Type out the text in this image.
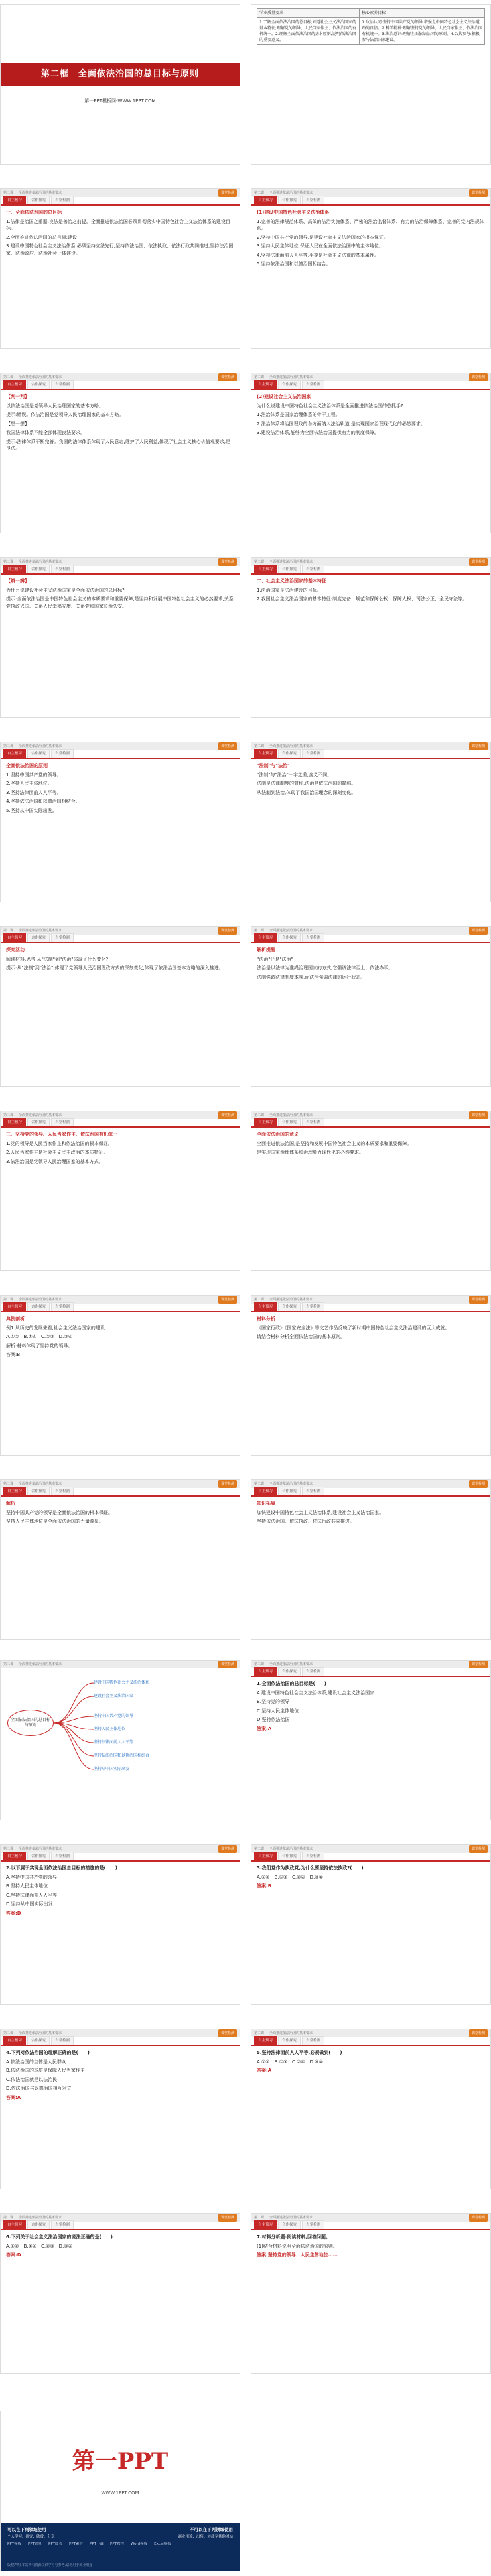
第二框　全面依法治国的总目标与原则
第一PPT模板网-WWW.1PPT.COM
学业质量要求	核心素养目标
1.了解全面依法治国的总目标;知道社会主义法治国家的基本特征;理解党的领导、人民当家作主、依法治国的有机统一。2.理解全面依法治国的基本原则,说明依法治国的重要意义。	1.政治认同:坚持中国共产党的领导,增强走中国特色社会主义法治道路的自信。2.科学精神:理解坚持党的领导、人民当家作主、依法治国有机统一。3.法治意识:理解全面依法治国的原则。4.公共参与:积极参与法治国家建设。
第二课 全面推进依法治国的基本要求	课堂检测
自主预习	合作探究	当堂检测

一、全面依法治国的总目标

1.法律是治国之重器,良法是善治之前提。全面推进依法治国必须贯彻落实中国特色社会主义法治体系的建设目标。

2.全面推进依法治国的总目标:建设

3.建设中国特色社会主义法治体系,必须坚持立法先行,坚持依法治国、依法执政、依法行政共同推进,坚持法治国家、法治政府、法治社会一体建设。

第二课 全面推进依法治国的基本要求	课堂检测
自主预习	合作探究	当堂检测

(1)建设中国特色社会主义法治体系

1.完善的法律规范体系、高效的法治实施体系、严密的法治监督体系、有力的法治保障体系、完善的党内法规体系。

2.坚持中国共产党的领导,是建设社会主义法治国家的根本保证。

3.坚持人民主体地位,保证人民在全面依法治国中的主体地位。

4.坚持法律面前人人平等,平等是社会主义法律的基本属性。

5.坚持依法治国和以德治国相结合。

第二课 全面推进依法治国的基本要求	课堂检测
自主预习	合作探究	当堂检测

【判一判】

以依法治国是党领导人民治理国家的基本方略。

提示:错误。依法治国是党领导人民治理国家的基本方略。

【想一想】

我国法律体系不能全部体现良法要求。

提示:法律体系不断完善。我国的法律体系体现了人民意志,维护了人民利益,体现了社会主义核心价值观要求,是良法。

第二课 全面推进依法治国的基本要求	课堂检测
自主预习	合作探究	当堂检测

(2)建设社会主义法治国家

为什么说建设中国特色社会主义法治体系是全面推进依法治国的总抓手?

1.法治体系是国家治理体系的骨干工程。

2.法治体系将治国理政的各方面纳入法治轨道,是实现国家治理现代化的必然要求。

3.建设法治体系,能够为全面依法治国提供有力的制度保障。

第二课 全面推进依法治国的基本要求	课堂检测
自主预习	合作探究	当堂检测

【辨一辨】

为什么说建设社会主义法治国家是全面依法治国的总目标?

提示:全面依法治国是中国特色社会主义的本质要求和重要保障,是坚持和发展中国特色社会主义的必然要求,关系党执政兴国、关系人民幸福安康、关系党和国家长治久安。

第二课 全面推进依法治国的基本要求	课堂检测
自主预习	合作探究	当堂检测

二、社会主义法治国家的基本特征

1.法治国家是法治建设的目标。

2.我国社会主义法治国家的基本特征:制度完备、规范和保障公权、保障人权、司法公正、全民守法等。

第二课 全面推进依法治国的基本要求	课堂检测
自主预习	合作探究	当堂检测

全面依法治国的原则

1.坚持中国共产党的领导。

2.坚持人民主体地位。

3.坚持法律面前人人平等。

4.坚持依法治国和以德治国相结合。

5.坚持从中国实际出发。

第二课 全面推进依法治国的基本要求	课堂检测
自主预习	合作探究	当堂检测

"法制"与"法治"

"法制"与"法治"一字之差,含义不同。

法制是法律制度的简称,法治是依法治国的简称。

从法制到法治,体现了我国治国理念的深刻变化。

第二课 全面推进依法治国的基本要求	课堂检测
自主预习	合作探究	当堂检测

探究活动

阅读材料,思考:从"法制"到"法治"体现了什么变化?

提示:从"法制"到"法治",体现了党领导人民治国理政方式的深刻变化,体现了依法治国基本方略的深入推进。

第二课 全面推进依法治国的基本要求	课堂检测
自主预习	合作探究	当堂检测

解析提醒

"法治"还是"法治"

法治是以法律为准绳治理国家的方式,它强调法律至上、依法办事。

法制强调法律制度本身,而法治强调法律的运行状态。

第二课 全面推进依法治国的基本要求	课堂检测
自主预习	合作探究	当堂检测

三、坚持党的领导、人民当家作主、依法治国有机统一

1.党的领导是人民当家作主和依法治国的根本保证。

2.人民当家作主是社会主义民主政治的本质特征。

3.依法治国是党领导人民治理国家的基本方式。

第二课 全面推进依法治国的基本要求	课堂检测
自主预习	合作探究	当堂检测

全面依法治国的意义

全面推进依法治国,是坚持和发展中国特色社会主义的本质要求和重要保障。

是实现国家治理体系和治理能力现代化的必然要求。

第二课 全面推进依法治国的基本要求	课堂检测
自主预习	合作探究	当堂检测

典例剖析

例1.从历史的发展来看,社会主义法治国家的建设……

A.①②　B.①④　C.②③　D.③④

解析:材料体现了坚持党的领导。

答案:B

第二课 全面推进依法治国的基本要求	课堂检测
自主预习	合作探究	当堂检测

材料分析

《国家行政》《国家安全法》等文艺作品反映了新时期中国特色社会主义法治建设的巨大成就。

请结合材料分析全面依法治国的基本原则。

第二课 全面推进依法治国的基本要求	课堂检测
自主预习	合作探究	当堂检测

解析

坚持中国共产党的领导是全面依法治国的根本保证。

坚持人民主体地位是全面依法治国的力量源泉。

第二课 全面推进依法治国的基本要求	课堂检测
自主预习	合作探究	当堂检测

知识拓展

加快建设中国特色社会主义法治体系,建设社会主义法治国家。

坚持依法治国、依法执政、依法行政共同推进。

第二课 全面推进依法治国的基本要求	课堂检测
全面依法治国的总目标与原则
建设中国特色社会主义法治体系
建设社会主义法治国家
坚持中国共产党的领导
坚持人民主体地位
坚持法律面前人人平等
坚持依法治国和以德治国相结合
坚持从中国实际出发
第二课 全面推进依法治国的基本要求	课堂检测
自主预习	合作探究	当堂检测

1.全面依法治国的总目标是(　　)

A.建设中国特色社会主义法治体系,建设社会主义法治国家

B.坚持党的领导

C.坚持人民主体地位

D.坚持依法治国

答案:A

第二课 全面推进依法治国的基本要求	课堂检测
自主预习	合作探究	当堂检测

2.以下属于实现全面依法治国总目标的措施的是(　　)

A.坚持中国共产党的领导

B.坚持人民主体地位

C.坚持法律面前人人平等

D.坚持从中国实际出发

答案:D

第二课 全面推进依法治国的基本要求	课堂检测
自主预习	合作探究	当堂检测

3.我们党作为执政党,为什么要坚持依法执政?(　　)

A.①②　B.①③　C.②④　D.③④

答案:B

第二课 全面推进依法治国的基本要求	课堂检测
自主预习	合作探究	当堂检测

4.下列对依法治国的理解正确的是(　　)

A.依法治国的主体是人民群众

B.依法治国的本质是保障人民当家作主

C.依法治国就是以法治民

D.依法治国与以德治国相互对立

答案:A

第二课 全面推进依法治国的基本要求	课堂检测
自主预习	合作探究	当堂检测

5.坚持法律面前人人平等,必须做到(　　)

A.①②　B.①③　C.②④　D.③④

答案:A

第二课 全面推进依法治国的基本要求	课堂检测
自主预习	合作探究	当堂检测

6.下列关于社会主义法治国家的说法正确的是(　　)

A.①②　B.①④　C.②③　D.③④

答案:D

第二课 全面推进依法治国的基本要求	课堂检测
自主预习	合作探究	当堂检测

7.材料分析题:阅读材料,回答问题。

(1)结合材料说明全面依法治国的原则。

答案:坚持党的领导、人民主体地位……

第一PPT
WWW.1PPT.COM
可以在下列领域使用	不可以在下列领域使用
个人学习、研究、欣赏、分享	商业用途、出售、转载至其他网站
PPT模板 PPT背景 PPT图表 PPT素材 PPT下载 PPT教程 Word模板 Excel模板
版权声明:本站所有资源仅供学习与参考,请勿用于商业用途
